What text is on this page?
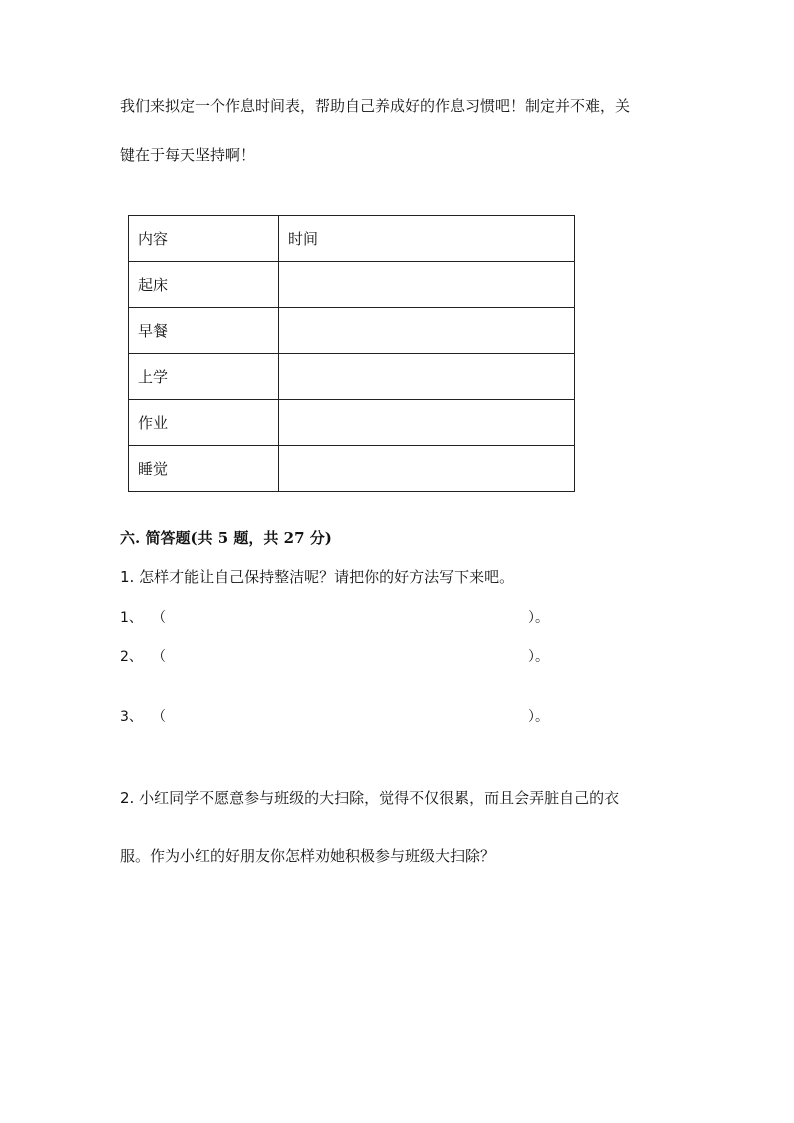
我们来拟定一个作息时间表，帮助自己养成好的作息习惯吧！制定并不难，关
键在于每天坚持啊！
内容	时间
起床	
早餐	
上学	
作业	
睡觉	
六. 简答题(共 5 题，共 27 分)
1. 怎样才能让自己保持整洁呢？请把你的好方法写下来吧。
1、 （	）。
2、 （	）。
3、 （	）。
2. 小红同学不愿意参与班级的大扫除，觉得不仅很累，而且会弄脏自己的衣
服。作为小红的好朋友你怎样劝她积极参与班级大扫除？
